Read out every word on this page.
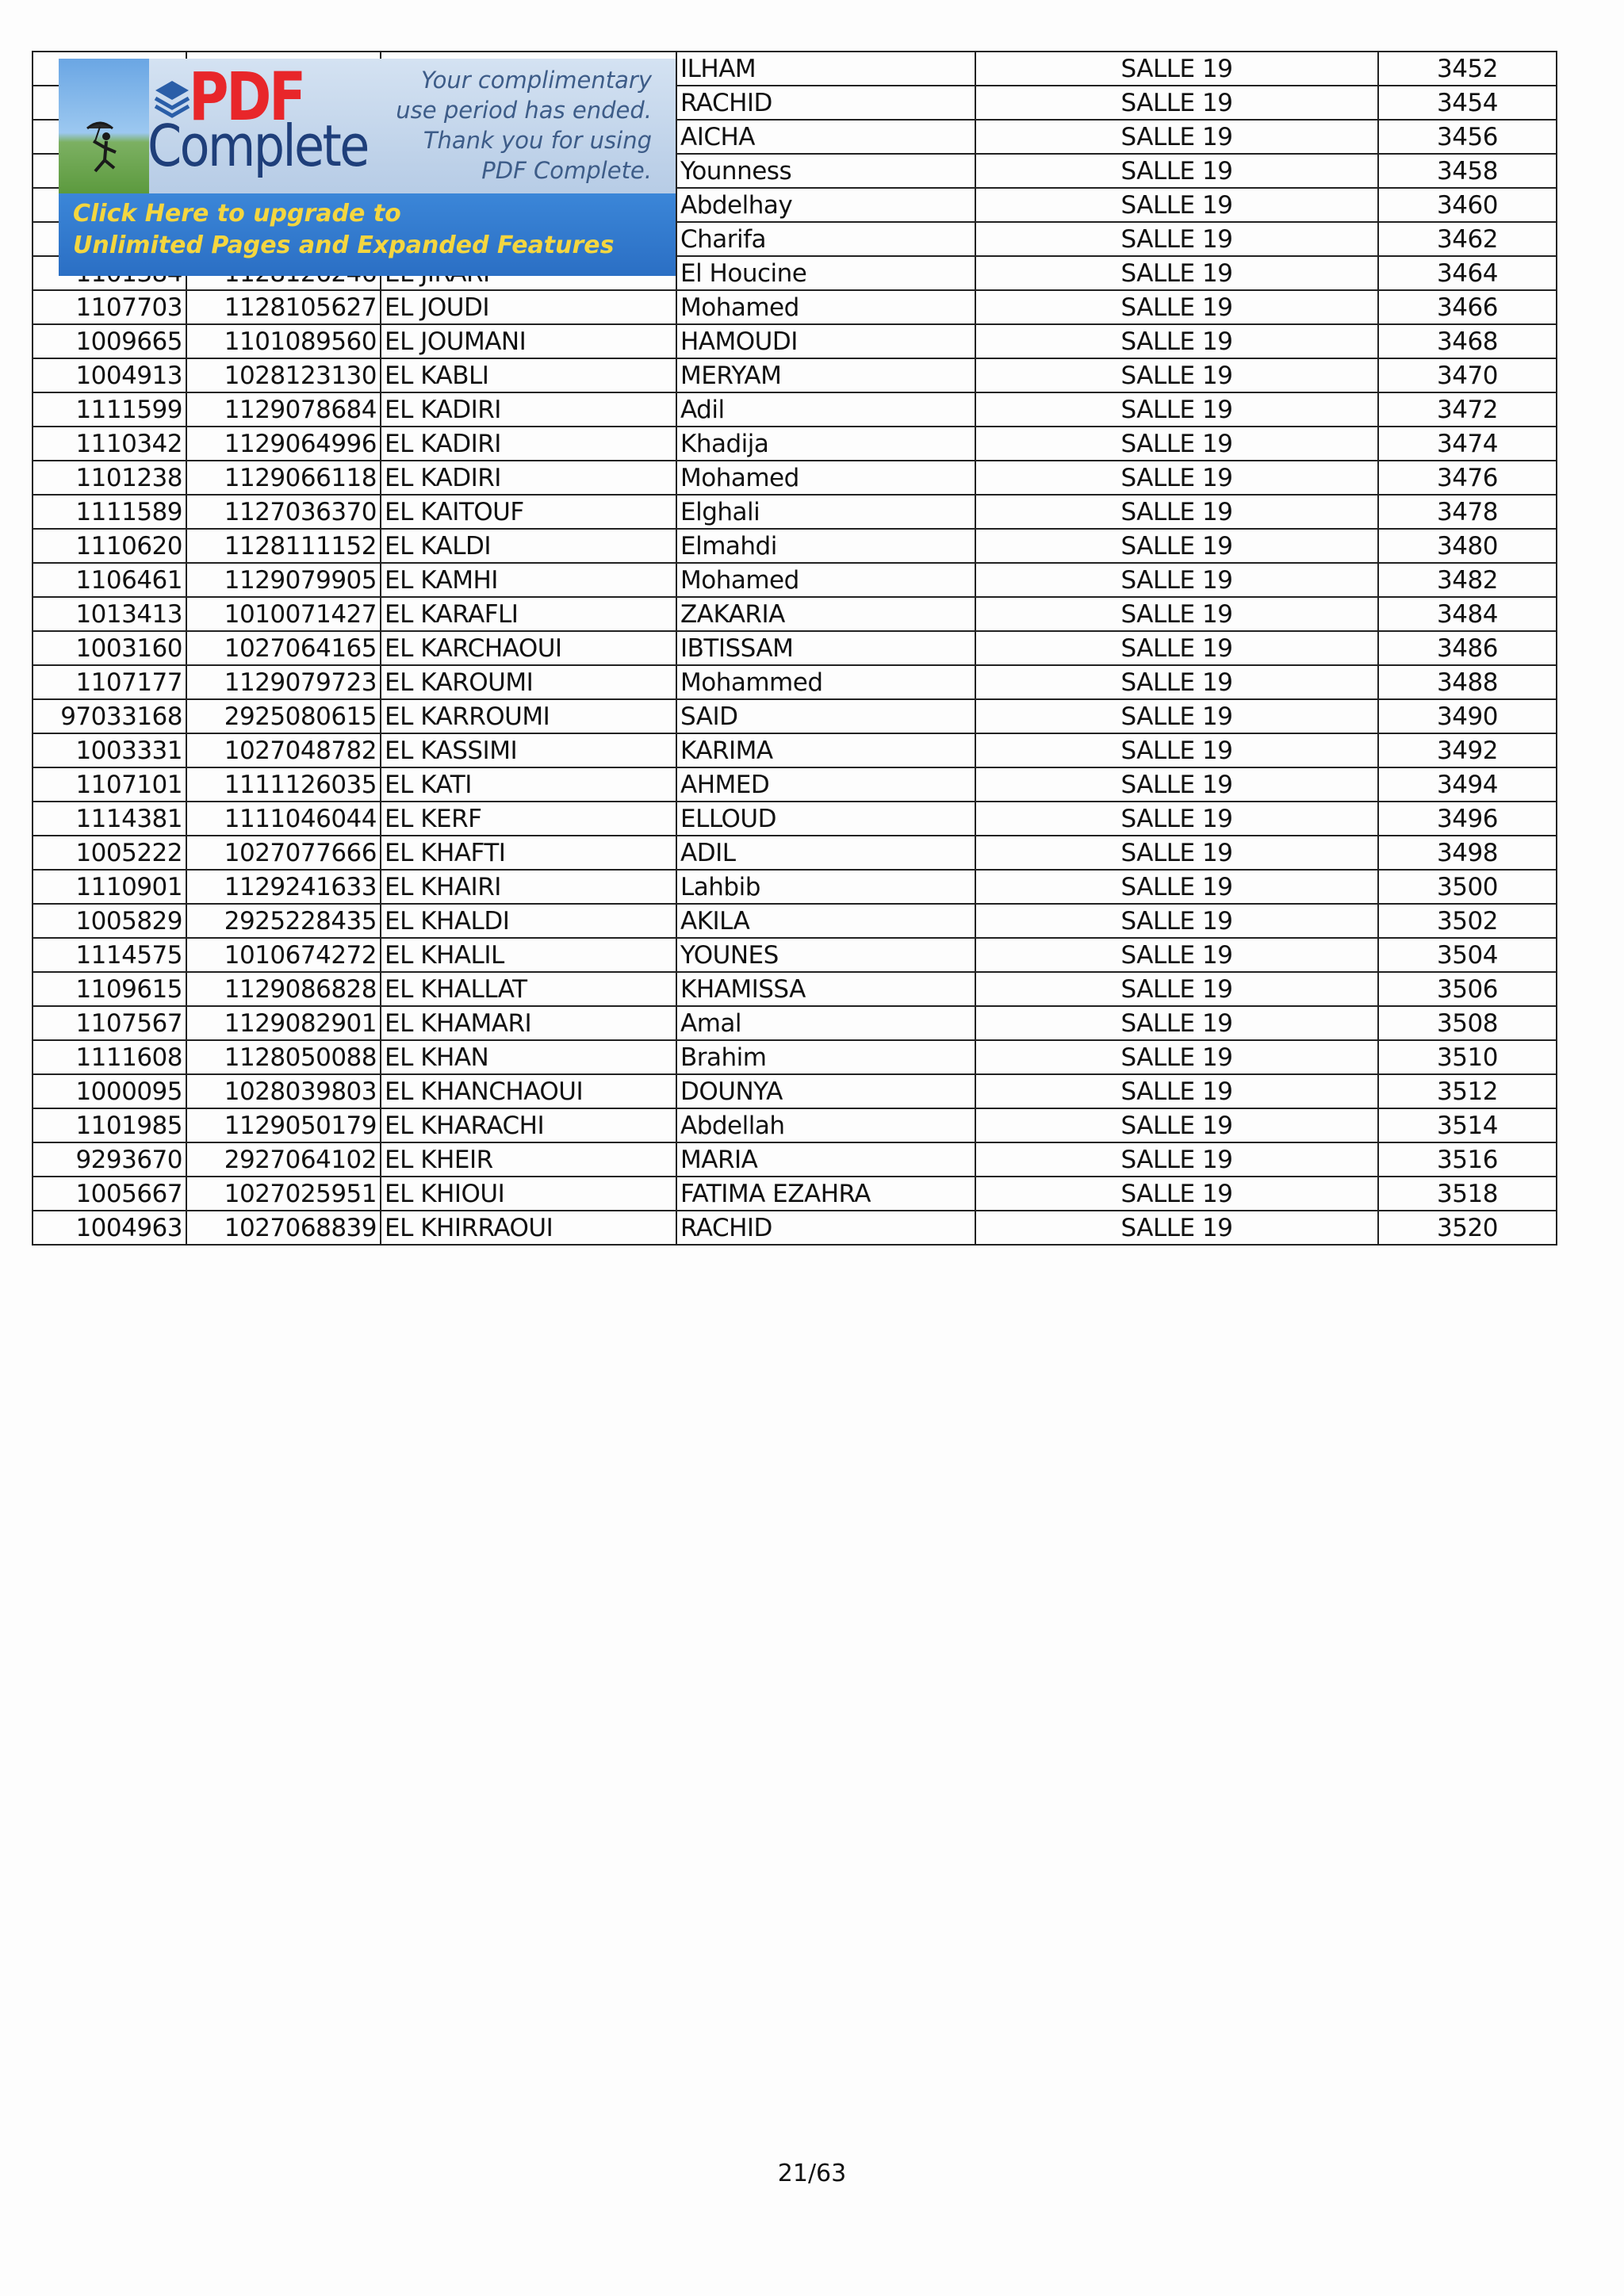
			ILHAM	SALLE 19	3452
			RACHID	SALLE 19	3454
			AICHA	SALLE 19	3456
			Younness	SALLE 19	3458
			Abdelhay	SALLE 19	3460
			Charifa	SALLE 19	3462
			El Houcine	SALLE 19	3464
1107703	1128105627	EL JOUDI	Mohamed	SALLE 19	3466
1009665	1101089560	EL JOUMANI	HAMOUDI	SALLE 19	3468
1004913	1028123130	EL KABLI	MERYAM	SALLE 19	3470
1111599	1129078684	EL KADIRI	Adil	SALLE 19	3472
1110342	1129064996	EL KADIRI	Khadija	SALLE 19	3474
1101238	1129066118	EL KADIRI	Mohamed	SALLE 19	3476
1111589	1127036370	EL KAITOUF	Elghali	SALLE 19	3478
1110620	1128111152	EL KALDI	Elmahdi	SALLE 19	3480
1106461	1129079905	EL KAMHI	Mohamed	SALLE 19	3482
1013413	1010071427	EL KARAFLI	ZAKARIA	SALLE 19	3484
1003160	1027064165	EL KARCHAOUI	IBTISSAM	SALLE 19	3486
1107177	1129079723	EL KAROUMI	Mohammed	SALLE 19	3488
97033168	2925080615	EL KARROUMI	SAID	SALLE 19	3490
1003331	1027048782	EL KASSIMI	KARIMA	SALLE 19	3492
1107101	1111126035	EL KATI	AHMED	SALLE 19	3494
1114381	1111046044	EL KERF	ELLOUD	SALLE 19	3496
1005222	1027077666	EL KHAFTI	ADIL	SALLE 19	3498
1110901	1129241633	EL KHAIRI	Lahbib	SALLE 19	3500
1005829	2925228435	EL KHALDI	AKILA	SALLE 19	3502
1114575	1010674272	EL KHALIL	YOUNES	SALLE 19	3504
1109615	1129086828	EL KHALLAT	KHAMISSA	SALLE 19	3506
1107567	1129082901	EL KHAMARI	Amal	SALLE 19	3508
1111608	1128050088	EL KHAN	Brahim	SALLE 19	3510
1000095	1028039803	EL KHANCHAOUI	DOUNYA	SALLE 19	3512
1101985	1129050179	EL KHARACHI	Abdellah	SALLE 19	3514
9293670	2927064102	EL KHEIR	MARIA	SALLE 19	3516
1005667	1027025951	EL KHIOUI	FATIMA EZAHRA	SALLE 19	3518
1004963	1027068839	EL KHIRRAOUI	RACHID	SALLE 19	3520
PDF
Complete
Your complimentary
use period has ended.
Thank you for using
PDF Complete.
Click Here to upgrade to
Unlimited Pages and Expanded Features
21/63
